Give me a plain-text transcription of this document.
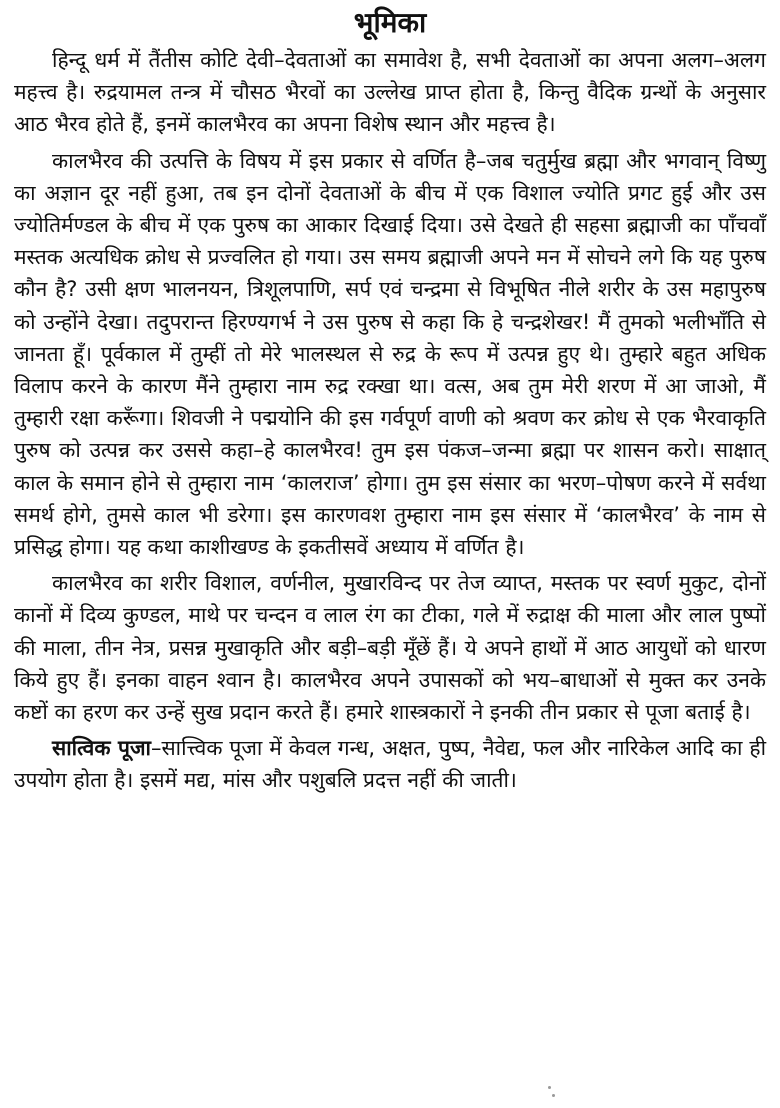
भूमिका

हिन्दू धर्म में तैंतीस कोटि देवी–देवताओं का समावेश है, सभी देवताओं का अपना अलग–अलग महत्त्व है। रुद्रयामल तन्त्र में चौसठ भैरवों का उल्लेख प्राप्त होता है, किन्तु वैदिक ग्रन्थों के अनुसार आठ भैरव होते हैं, इनमें कालभैरव का अपना विशेष स्थान और महत्त्व है।

कालभैरव की उत्पत्ति के विषय में इस प्रकार से वर्णित है–जब चतुर्मुख ब्रह्मा और भगवान् विष्णु का अज्ञान दूर नहीं हुआ, तब इन दोनों देवताओं के बीच में एक विशाल ज्योति प्रगट हुई और उस ज्योतिर्मण्डल के बीच में एक पुरुष का आकार दिखाई दिया। उसे देखते ही सहसा ब्रह्माजी का पाँचवाँ मस्तक अत्यधिक क्रोध से प्रज्वलित हो गया। उस समय ब्रह्माजी अपने मन में सोचने लगे कि यह पुरुष कौन है? उसी क्षण भालनयन, त्रिशूलपाणि, सर्प एवं चन्द्रमा से विभूषित नीले शरीर के उस महापुरुष को उन्होंने देखा। तदुपरान्त हिरण्यगर्भ ने उस पुरुष से कहा कि हे चन्द्रशेखर! मैं तुमको भलीभाँति से जानता हूँ। पूर्वकाल में तुम्हीं तो मेरे भालस्थल से रुद्र के रूप में उत्पन्न हुए थे। तुम्हारे बहुत अधिक विलाप करने के कारण मैंने तुम्हारा नाम रुद्र रक्खा था। वत्स, अब तुम मेरी शरण में आ जाओ, मैं तुम्हारी रक्षा करूँगा। शिवजी ने पद्मयोनि की इस गर्वपूर्ण वाणी को श्रवण कर क्रोध से एक भैरवाकृति पुरुष को उत्पन्न कर उससे कहा–हे कालभैरव! तुम इस पंकज–जन्मा ब्रह्मा पर शासन करो। साक्षात् काल के समान होने से तुम्हारा नाम ‘कालराज’ होगा। तुम इस संसार का भरण–पोषण करने में सर्वथा समर्थ होगे, तुमसे काल भी डरेगा। इस कारणवश तुम्हारा नाम इस संसार में ‘कालभैरव’ के नाम से प्रसिद्ध होगा। यह कथा काशीखण्ड के इकतीसवें अध्याय में वर्णित है।

कालभैरव का शरीर विशाल, वर्णनील, मुखारविन्द पर तेज व्याप्त, मस्तक पर स्वर्ण मुकुट, दोनों कानों में दिव्य कुण्डल, माथे पर चन्दन व लाल रंग का टीका, गले में रुद्राक्ष की माला और लाल पुष्पों की माला, तीन नेत्र, प्रसन्न मुखाकृति और बड़ी–बड़ी मूँछें हैं। ये अपने हाथों में आठ आयुधों को धारण किये हुए हैं। इनका वाहन श्वान है। कालभैरव अपने उपासकों को भय–बाधाओं से मुक्त कर उनके कष्टों का हरण कर उन्हें सुख प्रदान करते हैं। हमारे शास्त्रकारों ने इनकी तीन प्रकार से पूजा बताई है।

सात्विक पूजा–सात्त्विक पूजा में केवल गन्ध, अक्षत, पुष्प, नैवेद्य, फल और नारिकेल आदि का ही उपयोग होता है। इसमें मद्य, मांस और पशुबलि प्रदत्त नहीं की जाती।
